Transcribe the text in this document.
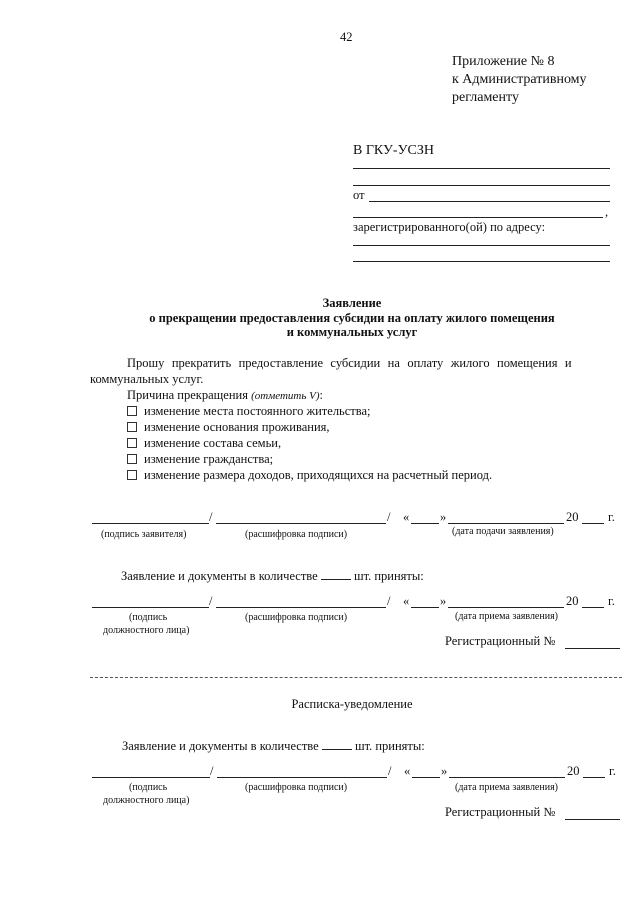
42
Приложение № 8
к Административному
регламенту
В ГКУ-УСЗН
от
,
зарегистрированного(ой) по адресу:
Заявление
о прекращении предоставления субсидии на оплату жилого помещения
и коммунальных услуг
Прошу прекратить предоставление субсидии на оплату жилого помещения и
коммунальных услуг.
Причина прекращения (отметить V):
изменение места постоянного жительства;
изменение основания проживания,
изменение состава семьи,
изменение гражданства;
изменение размера доходов, приходящихся на расчетный период.
/	/ « »	20 г.
(подпись заявителя)	(расшифровка подписи)	(дата подачи заявления)
Заявление и документы в количестве	шт. приняты:
/	/ « »	20 г.
(подпись
должностного лица)
(расшифровка подписи)	(дата приема заявления)
Регистрационный №
Расписка-уведомление
Заявление и документы в количестве	шт. приняты:
/	/ « »	20 г.
(подпись
должностного лица)
(расшифровка подписи)	(дата приема заявления)
Регистрационный №
